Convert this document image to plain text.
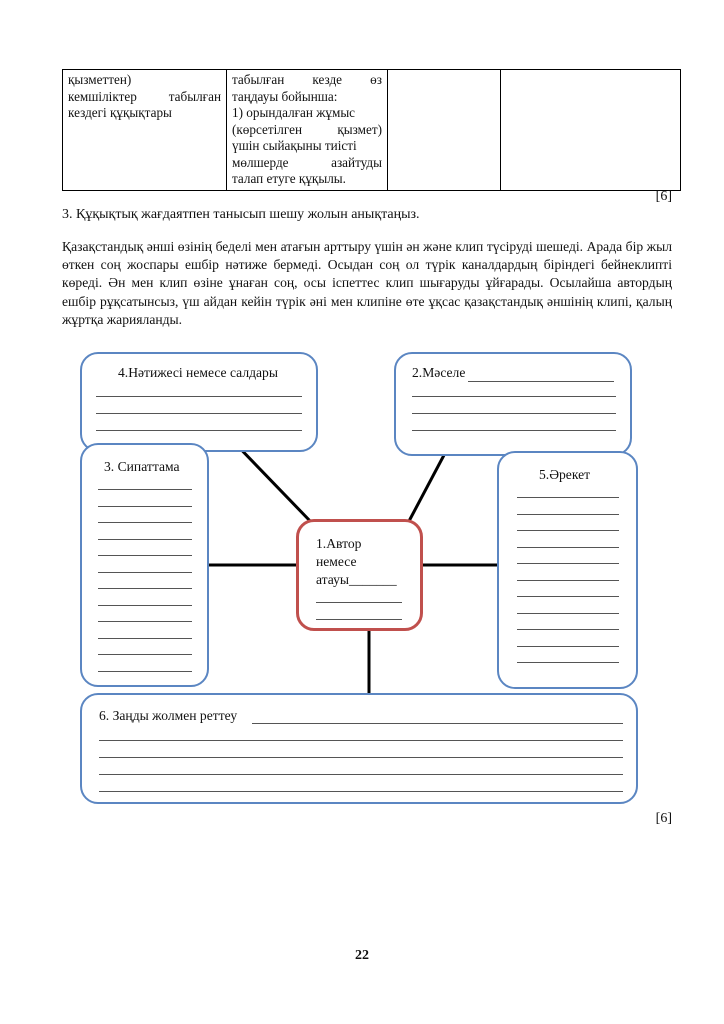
қызметтен)
кемшіліктер табылған
кездегі құқықтары

табылған кезде өз
таңдауы бойынша:
1) орындалған жұмыс
(көрсетілген	қызмет)
үшін сыйақыны тиісті
мөлшерде	азайтуды
талап етуге құқылы.

[6]
3. Құқықтық жағдаятпен танысып шешу жолын анықтаңыз.
Қазақстандық әнші өзінің беделі мен атағын арттыру үшін ән және клип түсіруді шешеді. Арада бір жыл өткен соң жоспары ешбір нәтиже бермеді. Осыдан соң ол түрік каналдардың біріндегі бейнеклипті көреді. Ән мен клип өзіне ұнаған соң, осы іспеттес клип шығаруды ұйғарады. Осылайша автордың ешбір рұқсатынсыз, үш айдан кейін түрік әні мен клипіне өте ұқсас қазақстандық әншінің клипі, қалың жұртқа жарияланды.
4.Нәтижесі немесе салдары	2.Мәселе
3. Сипаттама
5.Әрекет
1.Автор
немесе
атауы_______
6. Заңды жолмен реттеу
[6]
22
